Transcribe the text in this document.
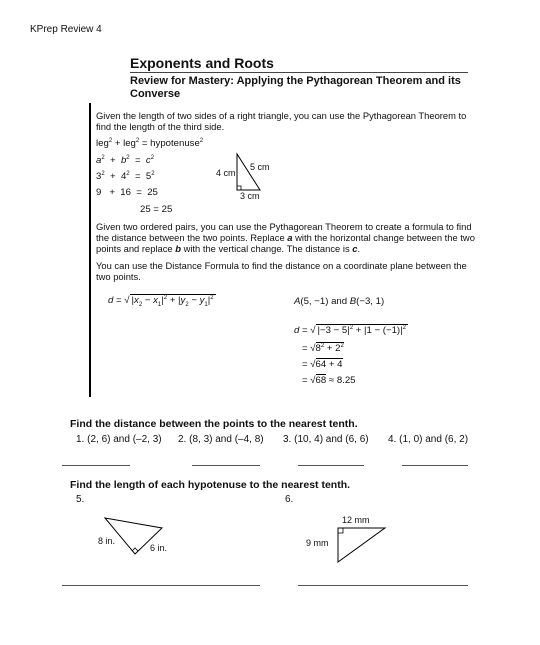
KPrep Review 4
Exponents and Roots
Review for Mastery: Applying the Pythagorean Theorem and its Converse
Given the length of two sides of a right triangle, you can use the Pythagorean Theorem to find the length of the third side.
leg$^2$ + leg$^2$ = hypotenuse$^2$
$a^2 + b^2 = c^2$
$3^2 + 4^2 = 5^2$
9   +  16  =  25
25 = 25
4 cm
5 cm
3 cm
Given two ordered pairs, you can use the Pythagorean Theorem to create a formula to find the distance between the two points. Replace a with the horizontal change between the two points and replace b with the vertical change. The distance is c.
You can use the Distance Formula to find the distance on a coordinate plane between the two points.
d = √ $|x_2 - x_1|^2 + |y_2 - y_1|^2$	A(5, −1) and B(−3, 1)
d = √ $|-3 - 5|^2 + |1 - (-1)|^2$
= $√8^2 + 2^2$
= √64 + 4
= √68 ≈ 8.25
Find the distance between the points to the nearest tenth.
1. (2, 6) and (–2, 3) 2. (8, 3) and (–4, 8) 3. (10, 4) and (6, 6) 4. (1, 0) and (6, 2)
Find the length of each hypotenuse to the nearest tenth.
5.	6.
8 in.
6 in.
12 mm
9 mm
